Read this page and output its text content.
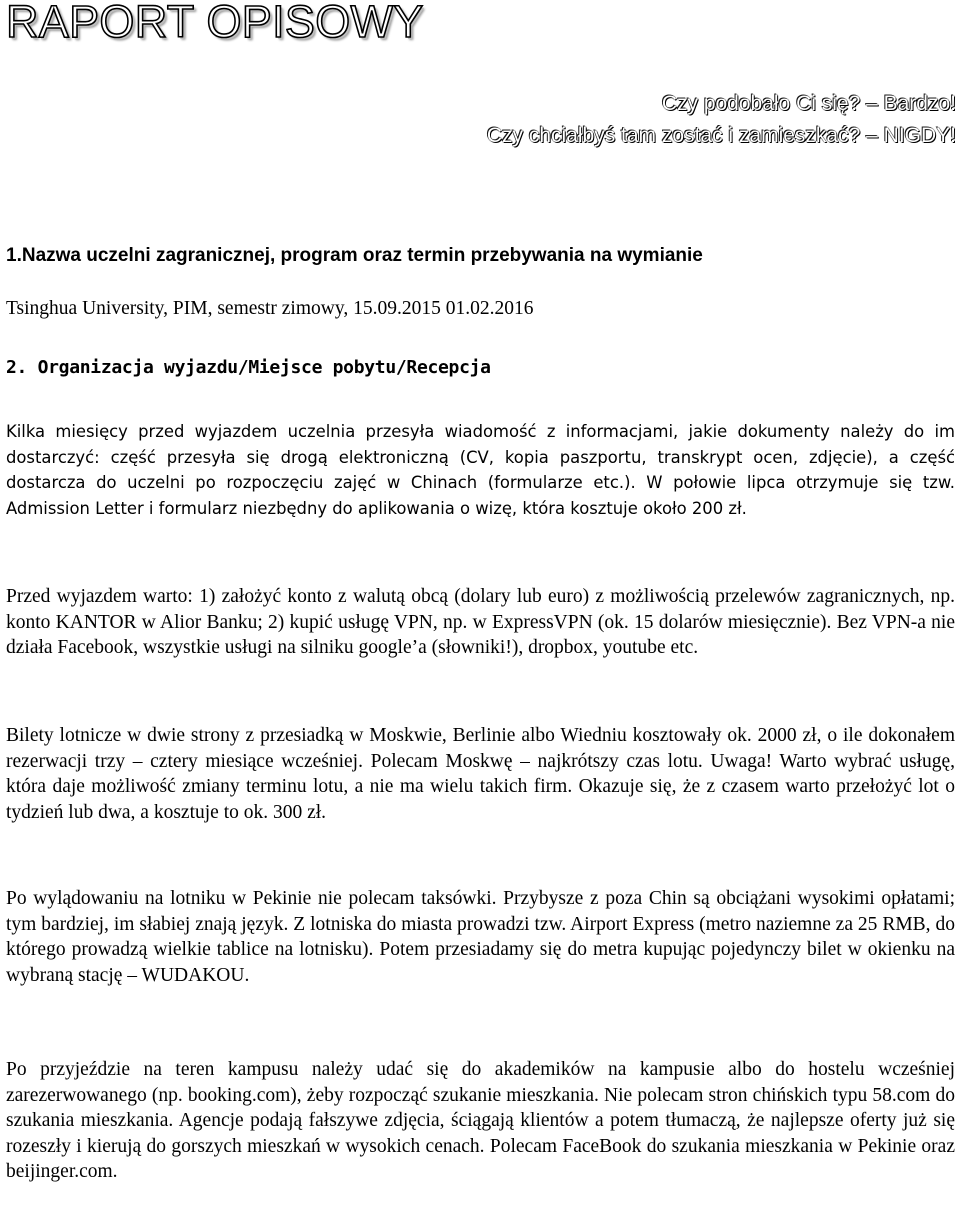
RAPORT OPISOWY
Czy podobało Ci się? – Bardzo!
Czy chciałbyś tam zostać i zamieszkać? – NIGDY!
1.Nazwa uczelni zagranicznej, program oraz termin przebywania na wymianie
Tsinghua University, PIM, semestr zimowy, 15.09.2015 01.02.2016
2. Organizacja wyjazdu/Miejsce pobytu/Recepcja

Kilka miesięcy przed wyjazdem uczelnia przesyła wiadomość z informacjami, jakie dokumenty należy do im dostarczyć: część przesyła się drogą elektroniczną (CV, kopia paszportu, transkrypt ocen, zdjęcie), a część dostarcza do uczelni po rozpoczęciu zajęć w Chinach (formularze etc.). W połowie lipca otrzymuje się tzw. Admission Letter i formularz niezbędny do aplikowania o wizę, która kosztuje około 200 zł.

Przed wyjazdem warto: 1) założyć konto z walutą obcą (dolary lub euro) z możliwością przelewów zagranicznych, np. konto KANTOR w Alior Banku; 2) kupić usługę VPN, np. w ExpressVPN (ok. 15 dolarów miesięcznie). Bez VPN-a nie działa Facebook, wszystkie usługi na silniku google’a (słowniki!), dropbox, youtube etc.

Bilety lotnicze w dwie strony z przesiadką w Moskwie, Berlinie albo Wiedniu kosztowały ok. 2000 zł, o ile dokonałem rezerwacji trzy – cztery miesiące wcześniej. Polecam Moskwę – najkrótszy czas lotu. Uwaga! Warto wybrać usługę, która daje możliwość zmiany terminu lotu, a nie ma wielu takich firm. Okazuje się, że z czasem warto przełożyć lot o tydzień lub dwa, a kosztuje to ok. 300 zł.

Po wylądowaniu na lotniku w Pekinie nie polecam taksówki. Przybysze z poza Chin są obciążani wysokimi opłatami; tym bardziej, im słabiej znają język. Z lotniska do miasta prowadzi tzw. Airport Express (metro naziemne za 25 RMB, do którego prowadzą wielkie tablice na lotnisku). Potem przesiadamy się do metra kupując pojedynczy bilet w okienku na wybraną stację – WUDAKOU.

Po przyjeździe na teren kampusu należy udać się do akademików na kampusie albo do hostelu wcześniej zarezerwowanego (np. booking.com), żeby rozpocząć szukanie mieszkania. Nie polecam stron chińskich typu 58.com do szukania mieszkania. Agencje podają fałszywe zdjęcia, ściągają klientów a potem tłumaczą, że najlepsze oferty już się rozeszły i kierują do gorszych mieszkań w wysokich cenach. Polecam FaceBook do szukania mieszkania w Pekinie oraz beijinger.com.
